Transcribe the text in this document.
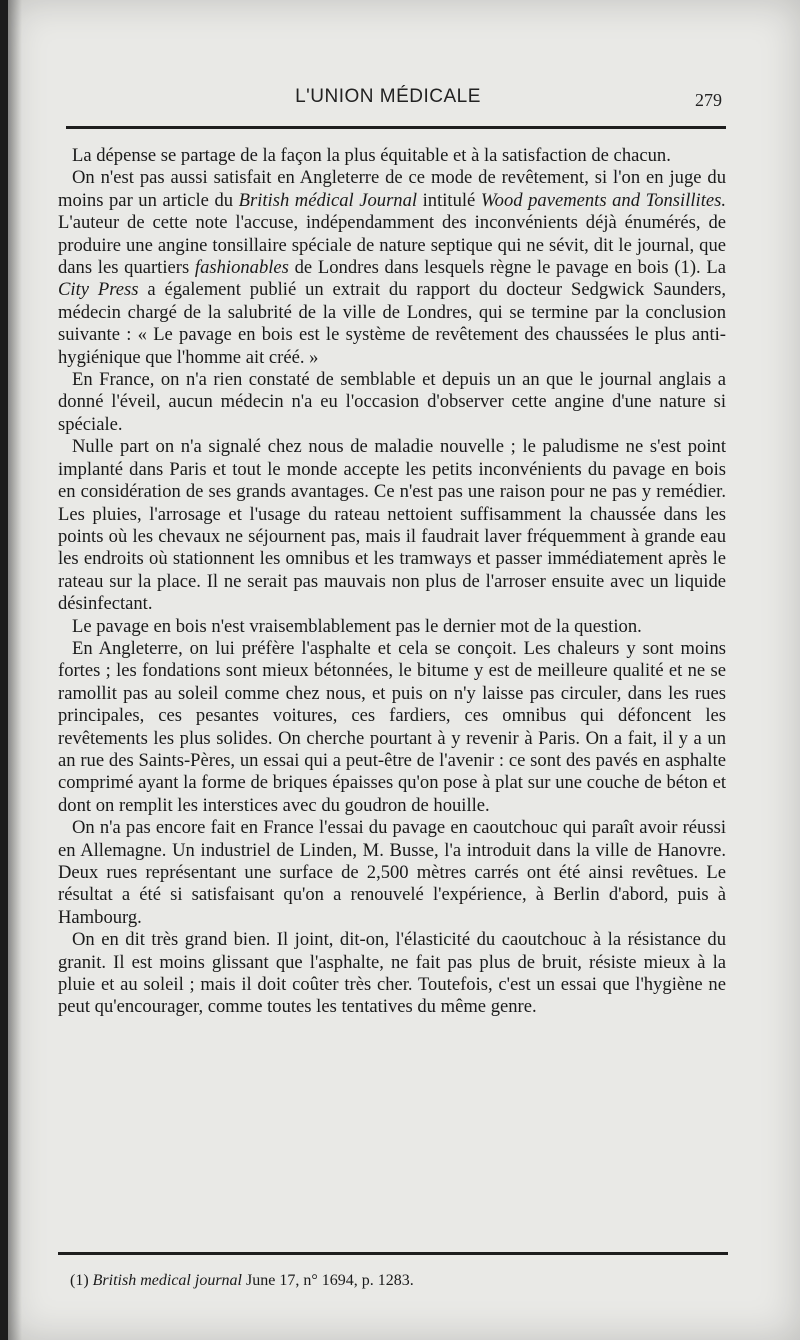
L'UNION MÉDICALE	279

La dépense se partage de la façon la plus équitable et à la satisfaction de chacun.

On n'est pas aussi satisfait en Angleterre de ce mode de revêtement, si l'on en juge du moins par un article du British médical Journal intitulé Wood pavements and Tonsillites. L'auteur de cette note l'accuse, indépendamment des inconvénients déjà énumérés, de produire une angine tonsillaire spéciale de nature septique qui ne sévit, dit le journal, que dans les quartiers fashionables de Londres dans lesquels règne le pavage en bois (1). La City Press a également publié un extrait du rapport du docteur Sedgwick Saunders, médecin chargé de la salubrité de la ville de Londres, qui se termine par la conclusion suivante : « Le pavage en bois est le système de revêtement des chaussées le plus anti-hygiénique que l'homme ait créé. »

En France, on n'a rien constaté de semblable et depuis un an que le journal anglais a donné l'éveil, aucun médecin n'a eu l'occasion d'observer cette angine d'une nature si spéciale.

Nulle part on n'a signalé chez nous de maladie nouvelle ; le paludisme ne s'est point implanté dans Paris et tout le monde accepte les petits inconvénients du pavage en bois en considération de ses grands avantages. Ce n'est pas une raison pour ne pas y remédier. Les pluies, l'arrosage et l'usage du rateau nettoient suffisamment la chaussée dans les points où les chevaux ne séjournent pas, mais il faudrait laver fréquemment à grande eau les endroits où stationnent les omnibus et les tramways et passer immédiatement après le rateau sur la place. Il ne serait pas mauvais non plus de l'arroser ensuite avec un liquide désinfectant.

Le pavage en bois n'est vraisemblablement pas le dernier mot de la question.

En Angleterre, on lui préfère l'asphalte et cela se conçoit. Les chaleurs y sont moins fortes ; les fondations sont mieux bétonnées, le bitume y est de meilleure qualité et ne se ramollit pas au soleil comme chez nous, et puis on n'y laisse pas circuler, dans les rues principales, ces pesantes voitures, ces fardiers, ces omnibus qui défoncent les revêtements les plus solides. On cherche pourtant à y revenir à Paris. On a fait, il y a un an rue des Saints-Pères, un essai qui a peut-être de l'avenir : ce sont des pavés en asphalte comprimé ayant la forme de briques épaisses qu'on pose à plat sur une couche de béton et dont on remplit les interstices avec du goudron de houille.

On n'a pas encore fait en France l'essai du pavage en caoutchouc qui paraît avoir réussi en Allemagne. Un industriel de Linden, M. Busse, l'a introduit dans la ville de Hanovre. Deux rues représentant une surface de 2,500 mètres carrés ont été ainsi revêtues. Le résultat a été si satisfaisant qu'on a renouvelé l'expérience, à Berlin d'abord, puis à Hambourg.

On en dit très grand bien. Il joint, dit-on, l'élasticité du caoutchouc à la résistance du granit. Il est moins glissant que l'asphalte, ne fait pas plus de bruit, résiste mieux à la pluie et au soleil ; mais il doit coûter très cher. Toutefois, c'est un essai que l'hygiène ne peut qu'encourager, comme toutes les tentatives du même genre.

(1) British medical journal June 17, n° 1694, p. 1283.
